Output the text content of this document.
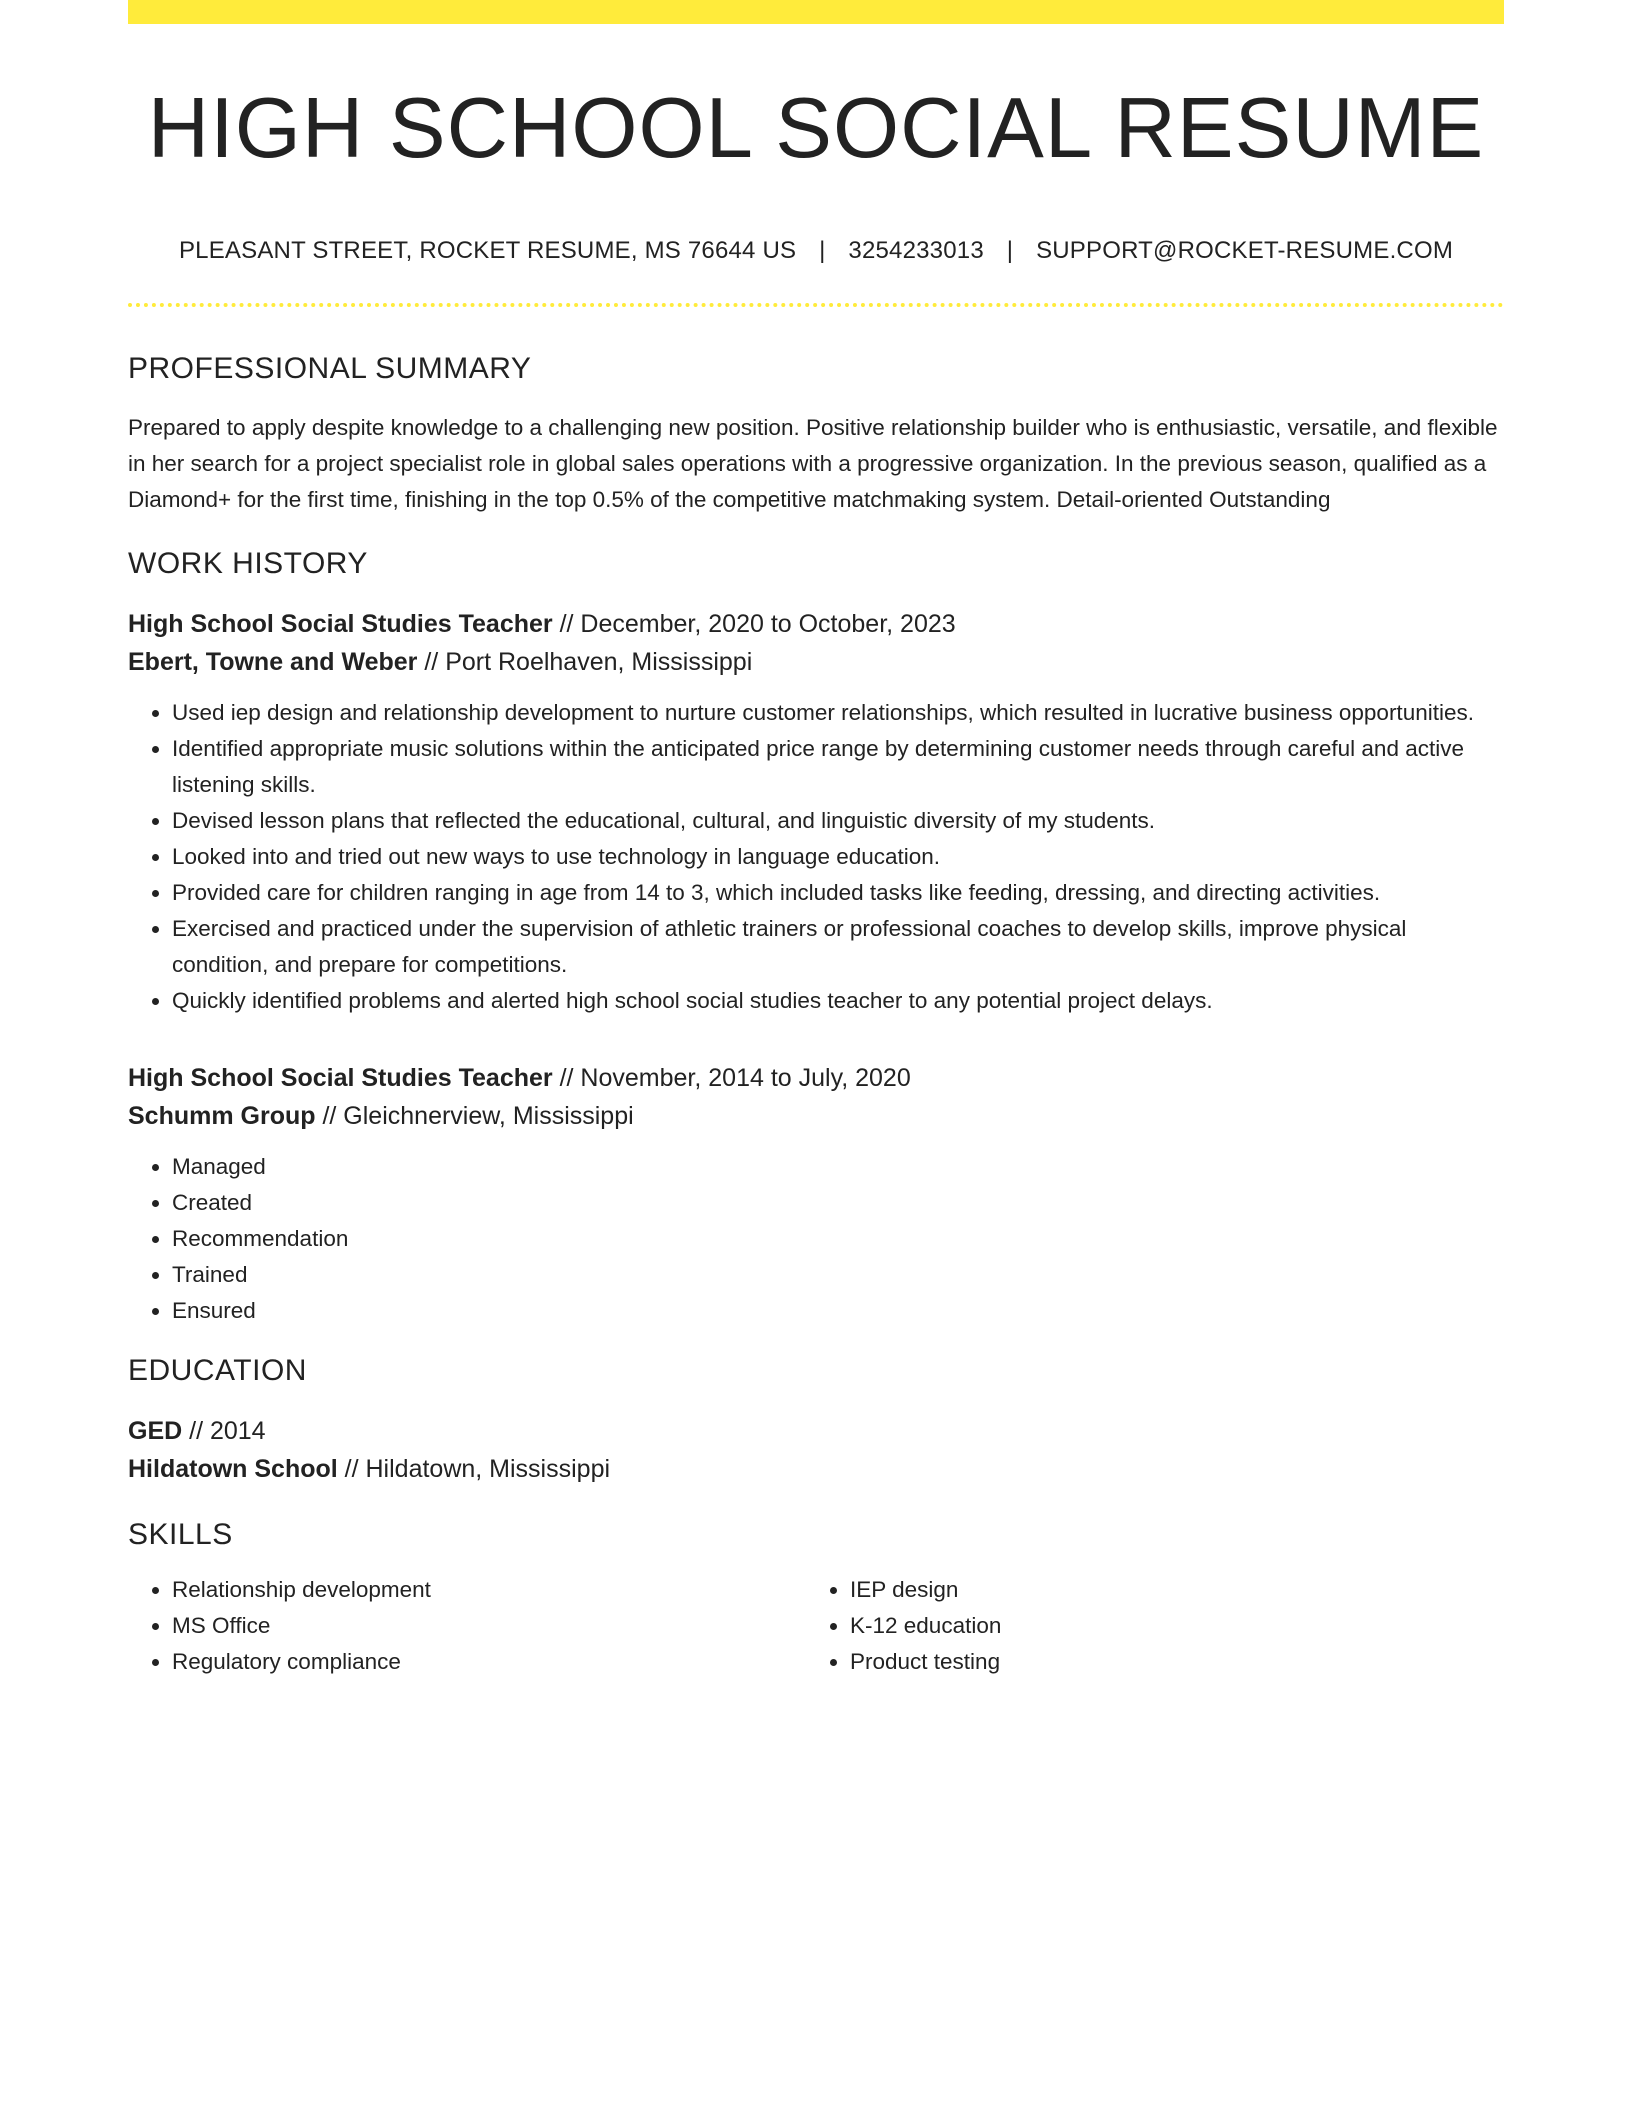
HIGH SCHOOL SOCIAL RESUME
PLEASANT STREET, ROCKET RESUME, MS 76644 US | 3254233013 | SUPPORT@ROCKET-RESUME.COM
PROFESSIONAL SUMMARY

Prepared to apply despite knowledge to a challenging new position. Positive relationship builder who is enthusiastic, versatile, and flexible in her search for a project specialist role in global sales operations with a progressive organization. In the previous season, qualified as a Diamond+ for the first time, finishing in the top 0.5% of the competitive matchmaking system. Detail-oriented Outstanding

WORK HISTORY
High School Social Studies Teacher // December, 2020 to October, 2023
Ebert, Towne and Weber // Port Roelhaven, Mississippi
• Used iep design and relationship development to nurture customer relationships, which resulted in lucrative business opportunities.
• Identified appropriate music solutions within the anticipated price range by determining customer needs through careful and active listening skills.
• Devised lesson plans that reflected the educational, cultural, and linguistic diversity of my students.
• Looked into and tried out new ways to use technology in language education.
• Provided care for children ranging in age from 14 to 3, which included tasks like feeding, dressing, and directing activities.
• Exercised and practiced under the supervision of athletic trainers or professional coaches to develop skills, improve physical condition, and prepare for competitions.
• Quickly identified problems and alerted high school social studies teacher to any potential project delays.
High School Social Studies Teacher // November, 2014 to July, 2020
Schumm Group // Gleichnerview, Mississippi
• Managed
• Created
• Recommendation
• Trained
• Ensured
EDUCATION
GED // 2014
Hildatown School // Hildatown, Mississippi
SKILLS
• Relationship development
• MS Office
• Regulatory compliance
• IEP design
• K-12 education
• Product testing
